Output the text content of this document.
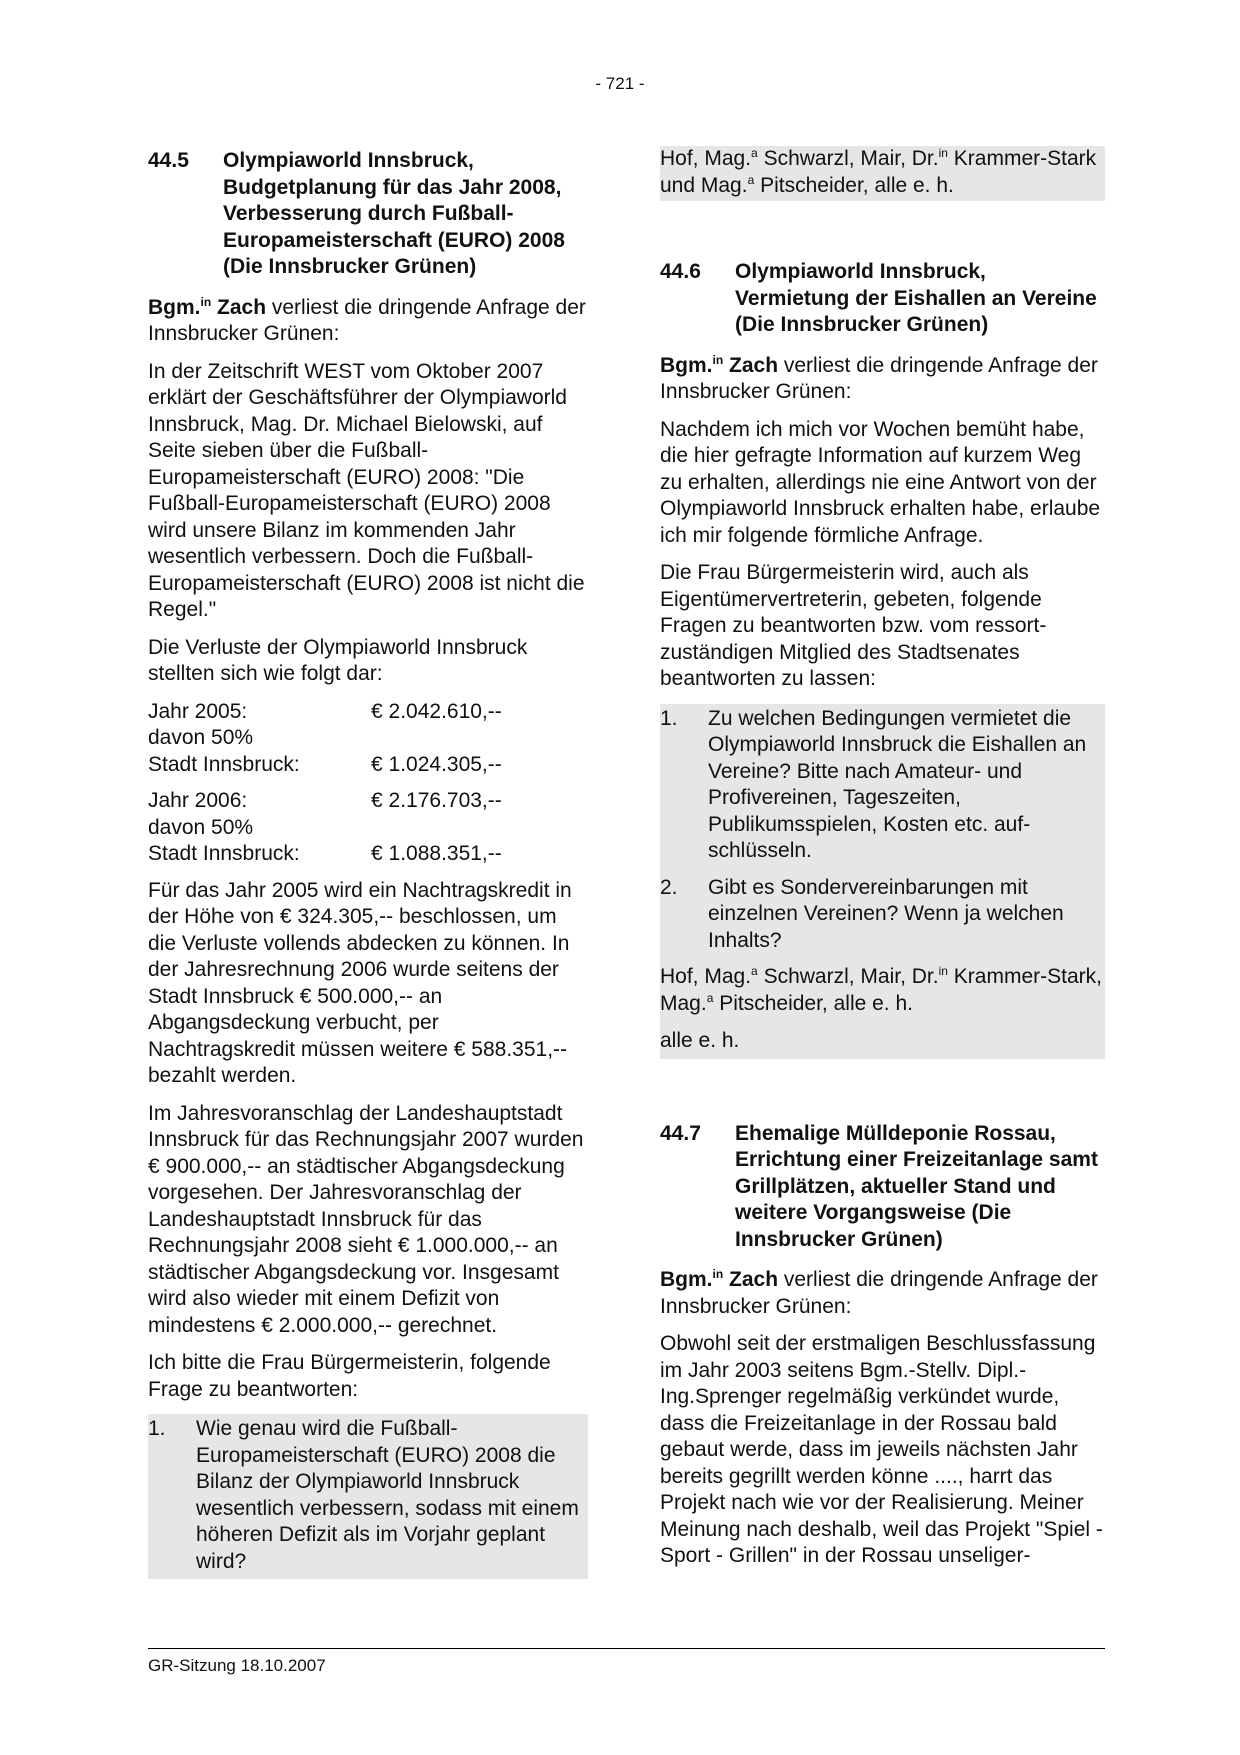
- 721 -
44.5	Olympiaworld Innsbruck, Budgetplanung für das Jahr 2008, Verbesserung durch Fußball-Europameisterschaft (EURO) 2008 (Die Innsbrucker Grünen)

Bgm.$^{in}$ Zach verliest die dringende Anfrage der Innsbrucker Grünen:

In der Zeitschrift WEST vom Oktober 2007 erklärt der Geschäftsführer der Olympiaworld Innsbruck, Mag. Dr. Michael Bielowski, auf Seite sieben über die Fußball-Europameisterschaft (EURO) 2008: "Die Fußball-Europameisterschaft (EURO) 2008 wird unsere Bilanz im kommenden Jahr wesentlich verbessern. Doch die Fußball-Europameisterschaft (EURO) 2008 ist nicht die Regel."

Die Verluste der Olympiaworld Innsbruck stellten sich wie folgt dar:

Jahr 2005:	€ 2.042.610,--
davon 50%
Stadt Innsbruck:	€ 1.024.305,--
Jahr 2006:	€ 2.176.703,--
davon 50%
Stadt Innsbruck:	€ 1.088.351,--

Für das Jahr 2005 wird ein Nachtragskredit in der Höhe von € 324.305,-- beschlossen, um die Verluste vollends abdecken zu können. In der Jahresrechnung 2006 wurde seitens der Stadt Innsbruck € 500.000,-- an Abgangsdeckung verbucht, per Nachtragskredit müssen weitere € 588.351,-- bezahlt werden.

Im Jahresvoranschlag der Landeshauptstadt Innsbruck für das Rechnungsjahr 2007 wurden € 900.000,-- an städtischer Abgangsdeckung vorgesehen. Der Jahresvoranschlag der Landeshauptstadt Innsbruck für das Rechnungsjahr 2008 sieht € 1.000.000,-- an städtischer Abgangsdeckung vor. Insgesamt wird also wieder mit einem Defizit von mindestens € 2.000.000,-- gerechnet.

Ich bitte die Frau Bürgermeisterin, folgende Frage zu beantworten:

1.	Wie genau wird die Fußball-Europameisterschaft (EURO) 2008 die Bilanz der Olympiaworld Innsbruck wesentlich verbessern, sodass mit einem höheren Defizit als im Vorjahr geplant wird?
Hof, Mag.$^a$ Schwarzl, Mair, Dr.$^{in}$ Krammer-Stark und Mag.$^a$ Pitscheider, alle e. h.
44.6	Olympiaworld Innsbruck, Vermietung der Eishallen an Vereine (Die Innsbrucker Grünen)

Bgm.$^{in}$ Zach verliest die dringende Anfrage der Innsbrucker Grünen:

Nachdem ich mich vor Wochen bemüht habe, die hier gefragte Information auf kurzem Weg zu erhalten, allerdings nie eine Antwort von der Olympiaworld Innsbruck erhalten habe, erlaube ich mir folgende förmliche Anfrage.

Die Frau Bürgermeisterin wird, auch als Eigentümervertreterin, gebeten, folgende Fragen zu beantworten bzw. vom ressortzuständigen Mitglied des Stadtsenates beantworten zu lassen:

1.	Zu welchen Bedingungen vermietet die Olympiaworld Innsbruck die Eishallen an Vereine? Bitte nach Amateur- und Profivereinen, Tageszeiten, Publikumsspielen, Kosten etc. aufschlüsseln.
2.	Gibt es Sondervereinbarungen mit einzelnen Vereinen? Wenn ja welchen Inhalts?

Hof, Mag.$^a$ Schwarzl, Mair, Dr.$^{in}$ Krammer-Stark, Mag.$^a$ Pitscheider, alle e. h.

alle e. h.

44.7	Ehemalige Mülldeponie Rossau, Errichtung einer Freizeitanlage samt Grillplätzen, aktueller Stand und weitere Vorgangsweise (Die Innsbrucker Grünen)

Bgm.$^{in}$ Zach verliest die dringende Anfrage der Innsbrucker Grünen:

Obwohl seit der erstmaligen Beschlussfassung im Jahr 2003 seitens Bgm.-Stellv. Dipl.-Ing.Sprenger regelmäßig verkündet wurde, dass die Freizeitanlage in der Rossau bald gebaut werde, dass im jeweils nächsten Jahr bereits gegrillt werden könne ...., harrt das Projekt nach wie vor der Realisierung. Meiner Meinung nach deshalb, weil das Projekt "Spiel - Sport - Grillen" in der Rossau unseliger-

GR-Sitzung 18.10.2007
